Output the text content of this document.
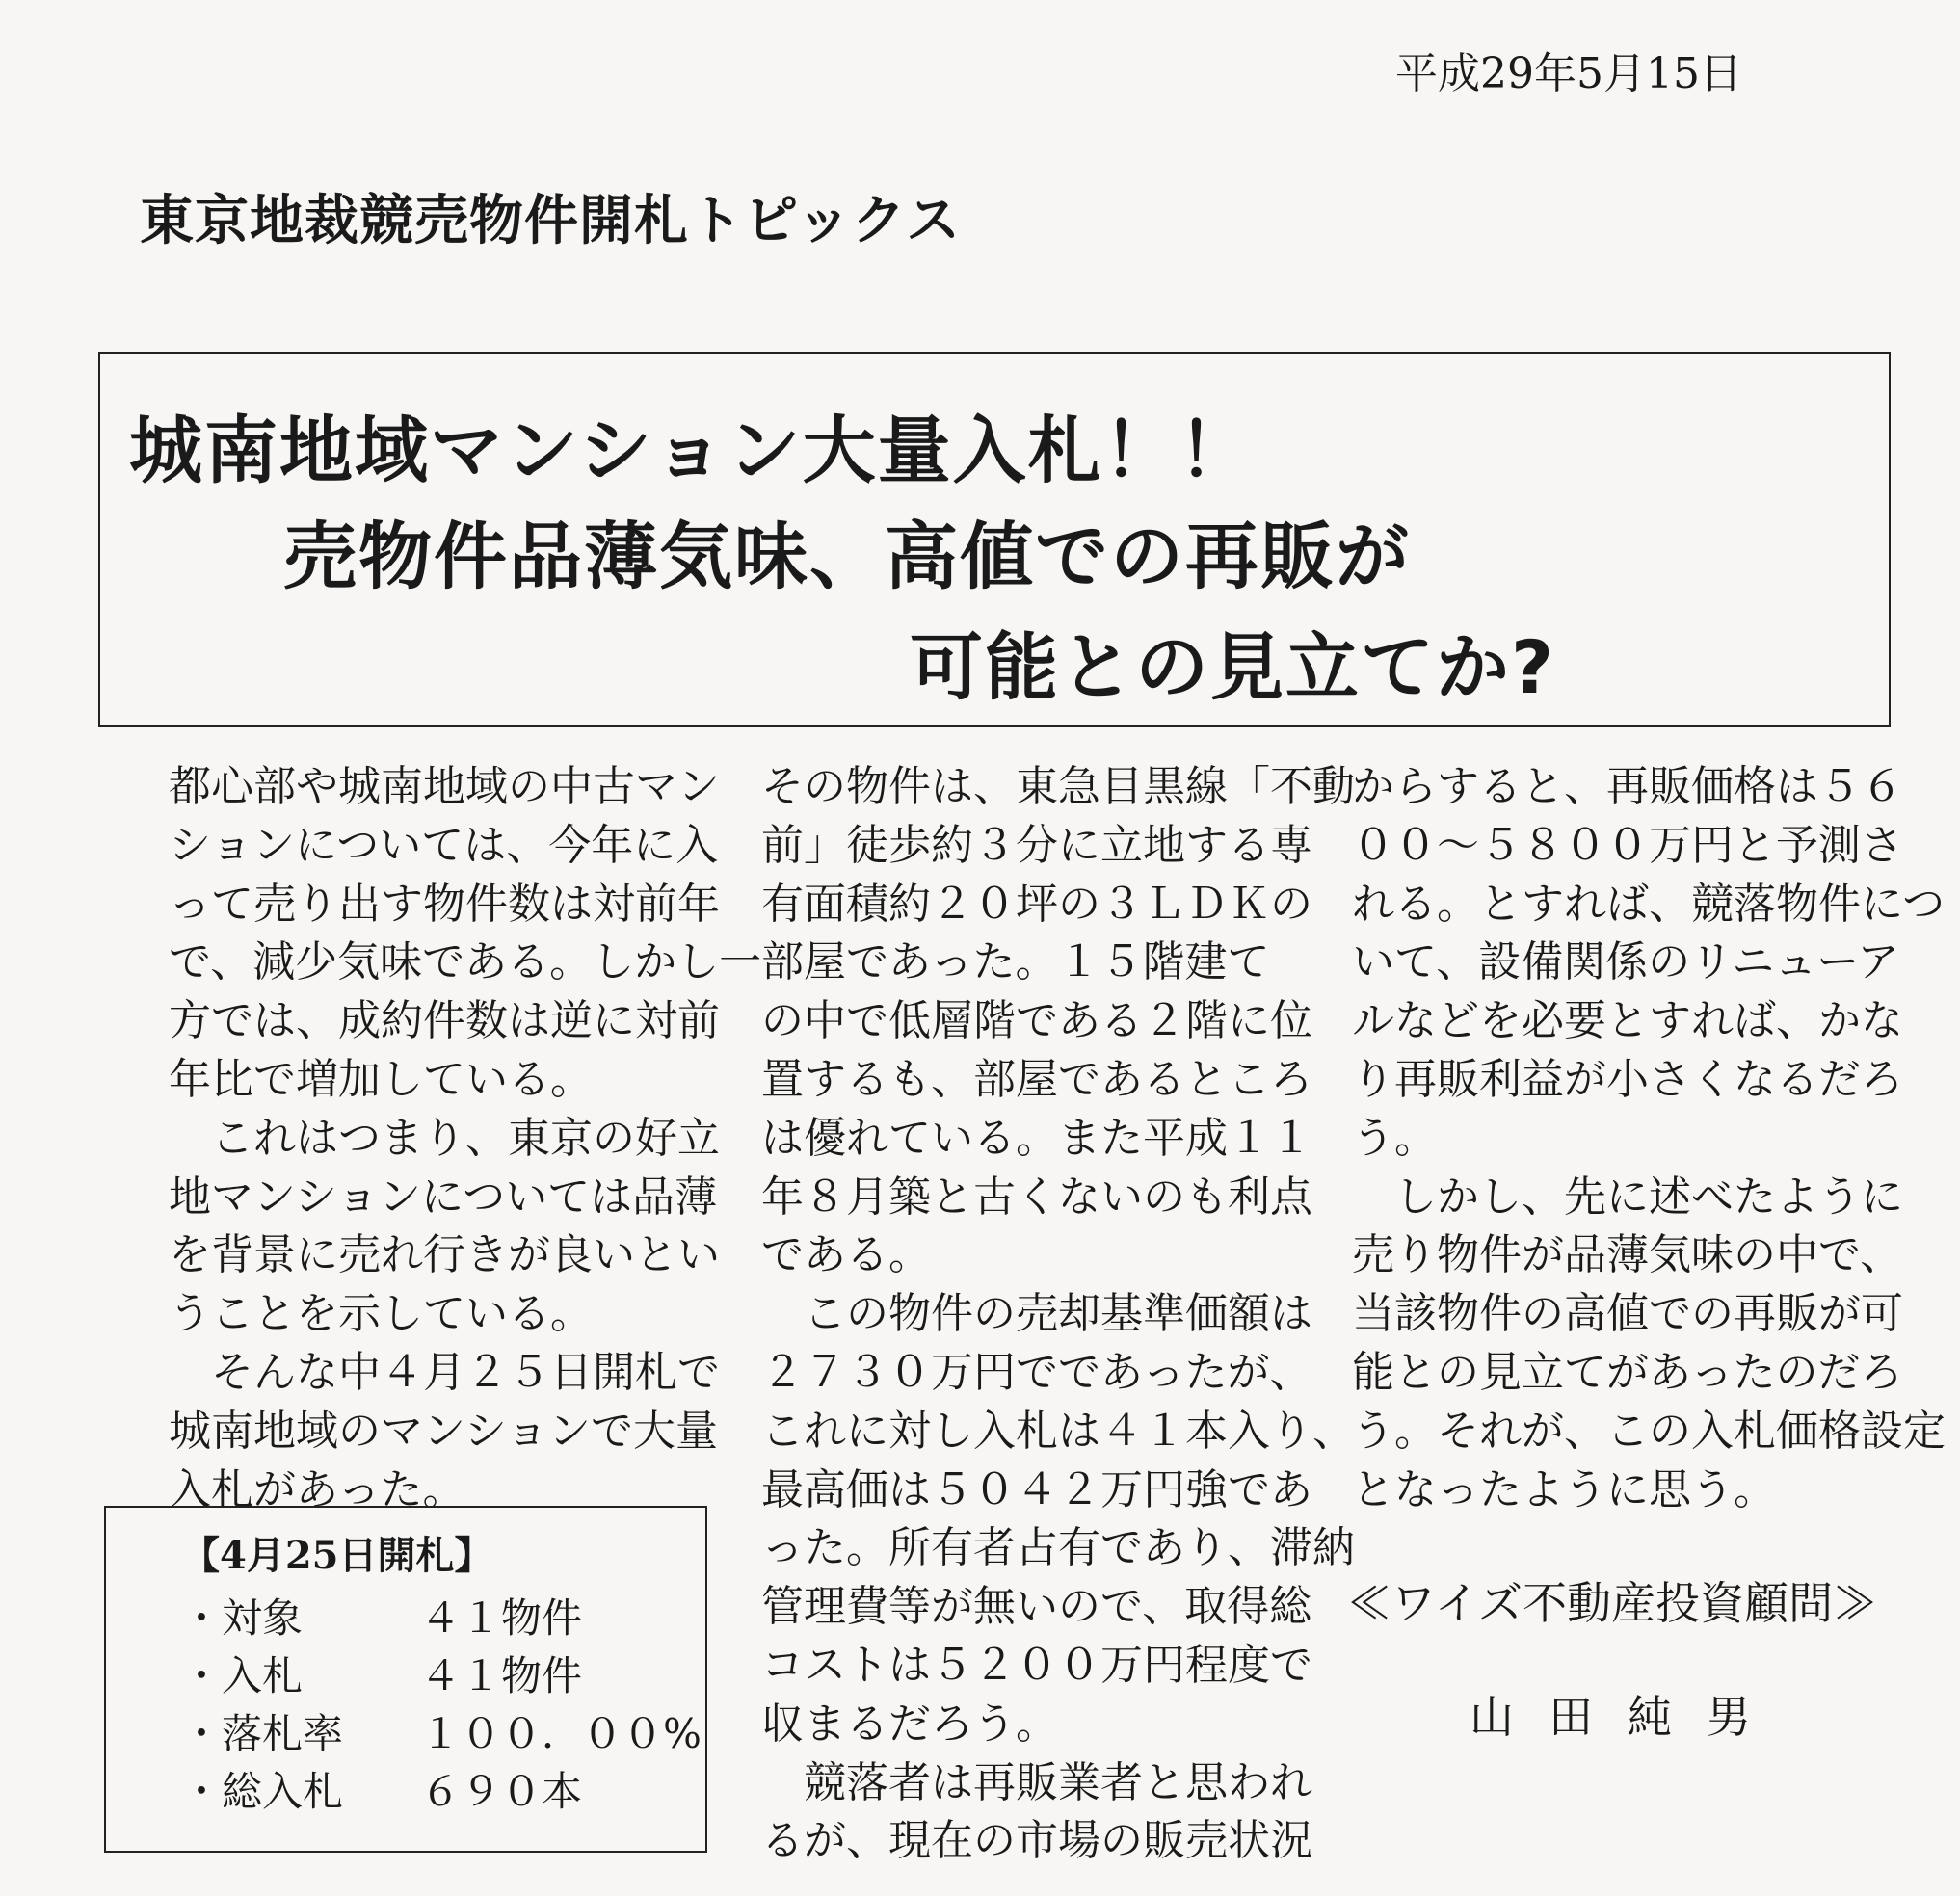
平成29年5月15日
東京地裁競売物件開札トピックス
城南地域マンション大量入札！！
売物件品薄気味、高値での再販が
可能との見立てか?
都心部や城南地域の中古マン
ションについては、今年に入
って売り出す物件数は対前年
で、減少気味である。しかし一
方では、成約件数は逆に対前
年比で増加している。
　これはつまり、東京の好立
地マンションについては品薄
を背景に売れ行きが良いとい
うことを示している。
　そんな中４月２５日開札で
城南地域のマンションで大量
入札があった。
その物件は、東急目黒線「不動
前」徒歩約３分に立地する専
有面積約２０坪の３ＬＤＫの
部屋であった。１５階建て
の中で低層階である２階に位
置するも、部屋であるところ
は優れている。また平成１１
年８月築と古くないのも利点
である。
　この物件の売却基準価額は
２７３０万円でであったが、
これに対し入札は４１本入り、
最高価は５０４２万円強であ
った。所有者占有であり、滞納
管理費等が無いので、取得総
コストは５２００万円程度で
収まるだろう。
　競落者は再販業者と思われ
るが、現在の市場の販売状況
からすると、再販価格は５６
００～５８００万円と予測さ
れる。とすれば、競落物件につ
いて、設備関係のリニューア
ルなどを必要とすれば、かな
り再販利益が小さくなるだろ
う。
　しかし、先に述べたように
売り物件が品薄気味の中で、
当該物件の高値での再販が可
能との見立てがあったのだろ
う。それが、この入札価格設定
となったように思う。
【4月25日開札】
・対象	４１物件
・入札	４１物件
・落札率 １００．００%
・総入札 ６９０本
≪ワイズ不動産投資顧問≫
山田純男
